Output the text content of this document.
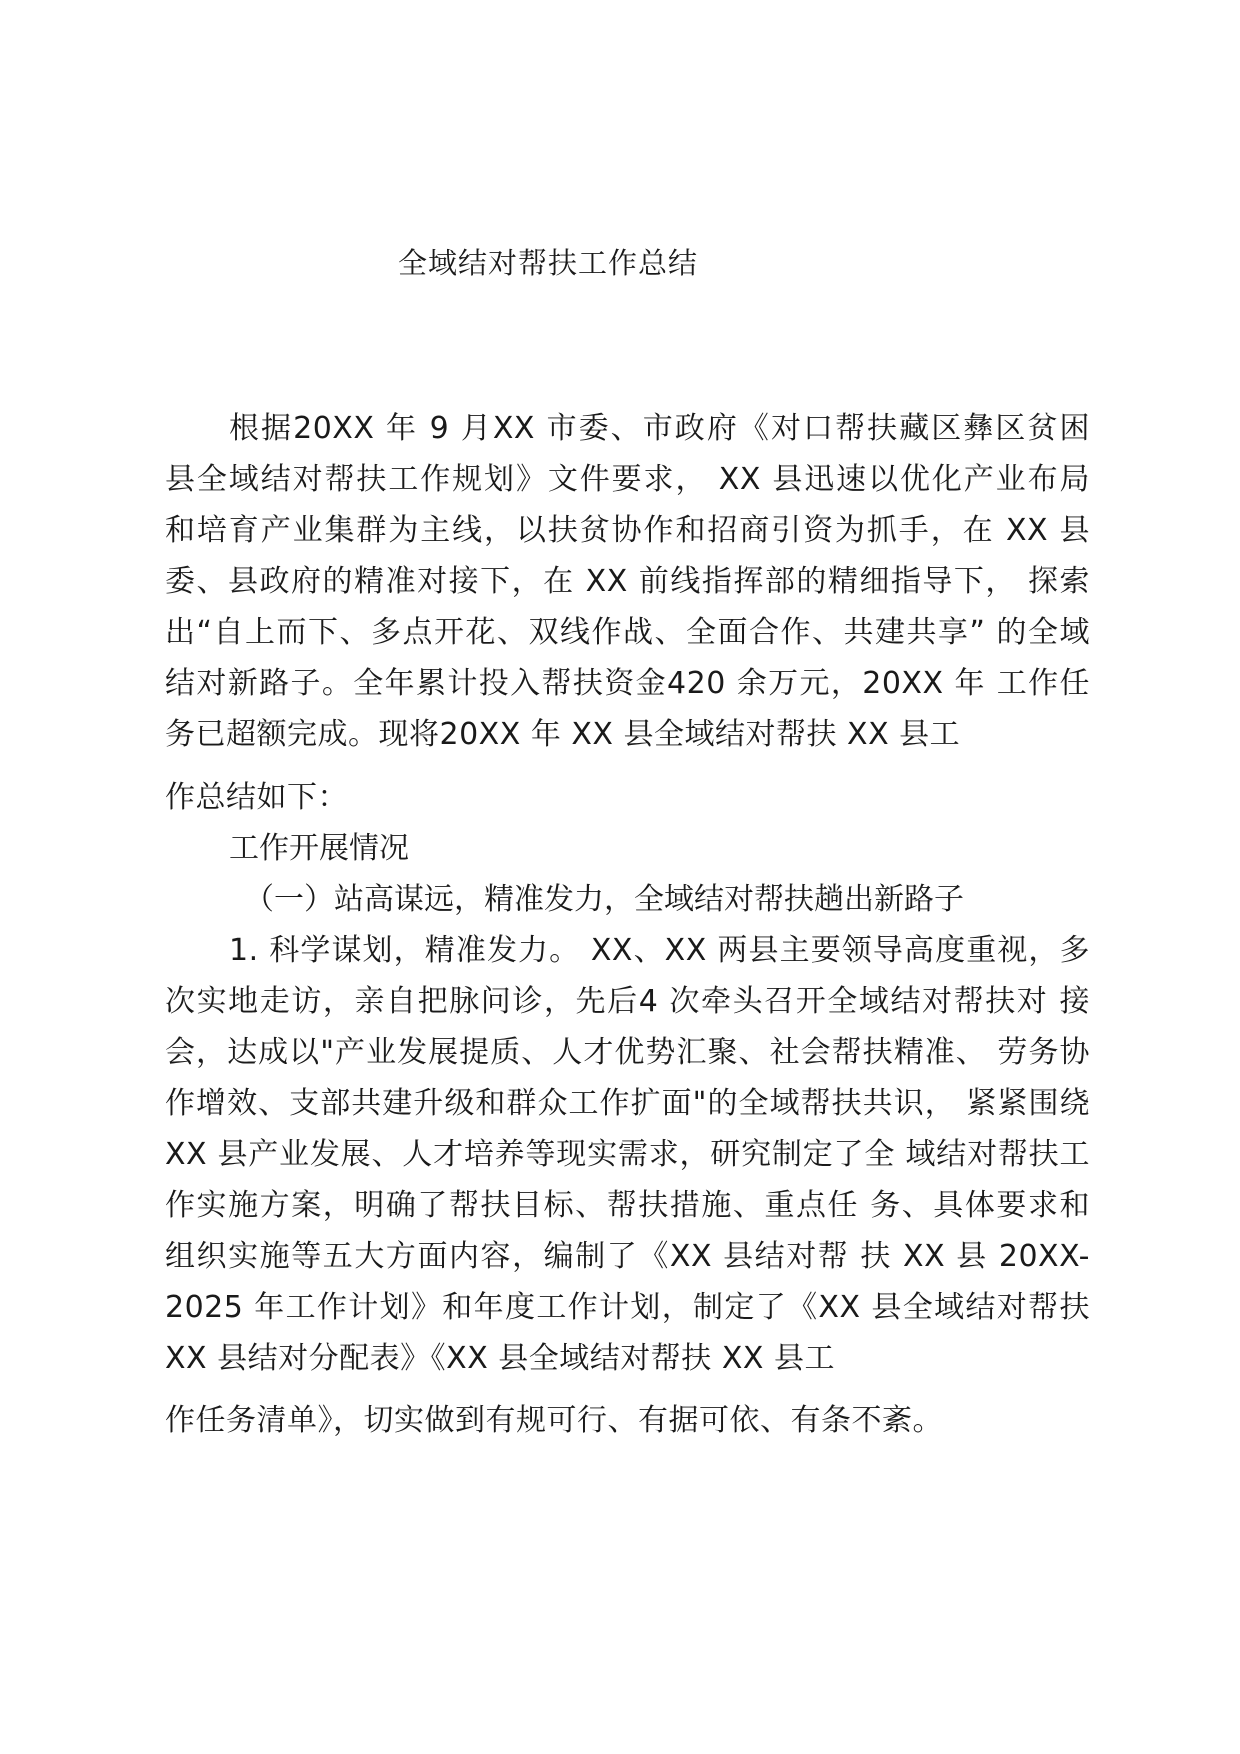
全域结对帮扶工作总结
根据20XX 年 9 月XX 市委、市政府《对口帮扶藏区彝区贫困 县全域结对帮扶工作规划》文件要求， XX 县迅速以优化产业布局 和培育产业集群为主线，以扶贫协作和招商引资为抓手，在 XX 县委、县政府的精准对接下，在 XX 前线指挥部的精细指导下， 探索出“自上而下、多点开花、双线作战、全面合作、共建共享” 的全域结对新路子。全年累计投入帮扶资金420 余万元，20XX 年 工作任务已超额完成。现将20XX 年 XX 县全域结对帮扶 XX 县工
作总结如下：
工作开展情况
（一）站高谋远，精准发力，全域结对帮扶趟出新路子
1. 科学谋划，精准发力。 XX、XX 两县主要领导高度重视，多 次实地走访，亲自把脉问诊，先后4 次牵头召开全域结对帮扶对 接会，达成以"产业发展提质、人才优势汇聚、社会帮扶精准、 劳务协作增效、支部共建升级和群众工作扩面"的全域帮扶共识， 紧紧围绕 XX 县产业发展、人才培养等现实需求，研究制定了全 域结对帮扶工作实施方案，明确了帮扶目标、帮扶措施、重点任 务、具体要求和组织实施等五大方面内容，编制了《XX 县结对帮 扶 XX 县 20XX-2025 年工作计划》和年度工作计划，制定了《XX 县全域结对帮扶 XX 县结对分配表》《XX 县全域结对帮扶 XX 县工
作任务清单》，切实做到有规可行、有据可依、有条不紊。
